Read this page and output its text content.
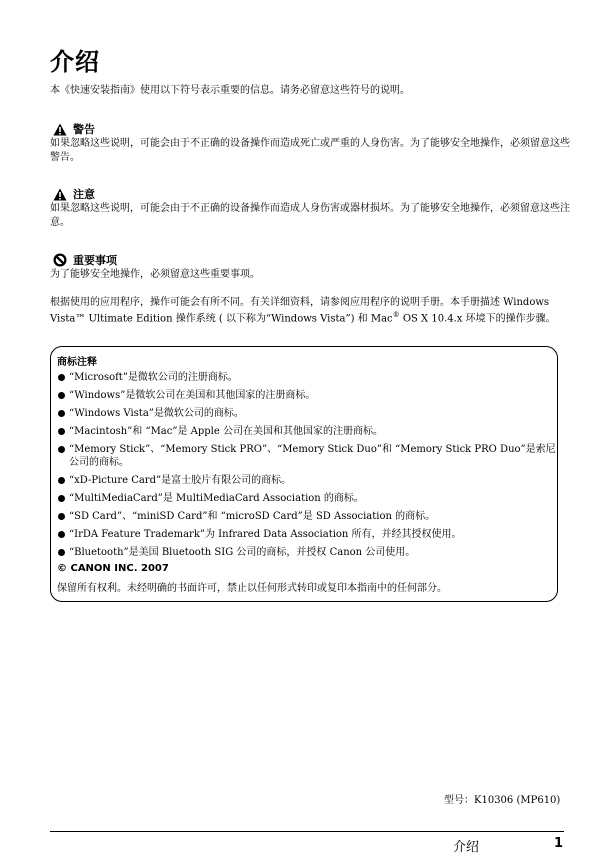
介绍
本《快速安装指南》使用以下符号表示重要的信息。请务必留意这些符号的说明。
警告
如果忽略这些说明，可能会由于不正确的设备操作而造成死亡或严重的人身伤害。为了能够安全地操作，必须留意这些警告。
注意
如果忽略这些说明，可能会由于不正确的设备操作而造成人身伤害或器材损坏。为了能够安全地操作，必须留意这些注意。
重要事项
为了能够安全地操作，必须留意这些重要事项。
根据使用的应用程序，操作可能会有所不同。有关详细资料，请参阅应用程序的说明手册。本手册描述 Windows Vista™ Ultimate Edition 操作系统 ( 以下称为“Windows Vista”) 和 Mac® OS X 10.4.x 环境下的操作步骤。
商标注释
“Microsoft”是微软公司的注册商标。
“Windows”是微软公司在美国和其他国家的注册商标。
“Windows Vista”是微软公司的商标。
“Macintosh”和 “Mac”是 Apple 公司在美国和其他国家的注册商标。
“Memory Stick”、“Memory Stick PRO”、“Memory Stick Duo”和 “Memory Stick PRO Duo”是索尼公司的商标。
“xD-Picture Card”是富士胶片有限公司的商标。
“MultiMediaCard”是 MultiMediaCard Association 的商标。
“SD Card”、“miniSD Card”和 “microSD Card”是 SD Association 的商标。
“IrDA Feature Trademark”为 Infrared Data Association 所有，并经其授权使用。
“Bluetooth”是美国 Bluetooth SIG 公司的商标，并授权 Canon 公司使用。
© CANON INC. 2007
保留所有权利。未经明确的书面许可，禁止以任何形式转印或复印本指南中的任何部分。
型号：K10306 (MP610)
介绍	1
